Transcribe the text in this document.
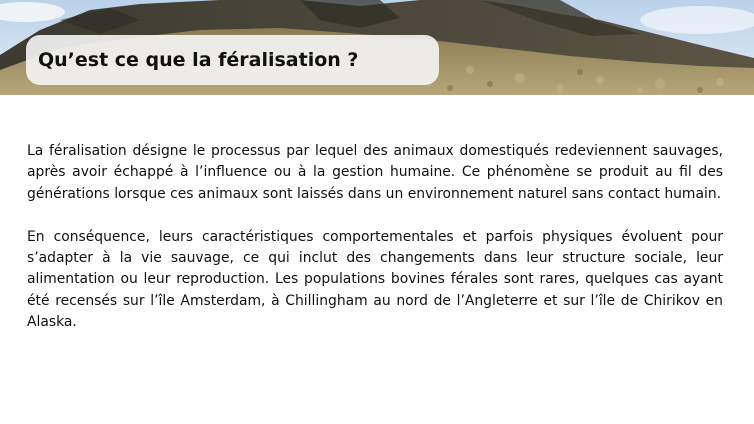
Qu’est ce que la féralisation ?

La féralisation désigne le processus par lequel des animaux domestiqués redeviennent sauvages, après avoir échappé à l’influence ou à la gestion humaine. Ce phénomène se produit au fil des générations lorsque ces animaux sont laissés dans un environnement naturel sans contact humain.

En conséquence, leurs caractéristiques comportementales et parfois physiques évoluent pour s’adapter à la vie sauvage, ce qui inclut des changements dans leur structure sociale, leur alimentation ou leur reproduction. Les populations bovines férales sont rares, quelques cas ayant été recensés sur l’île Amsterdam, à Chillingham au nord de l’Angleterre et sur l’île de Chirikov en Alaska.
